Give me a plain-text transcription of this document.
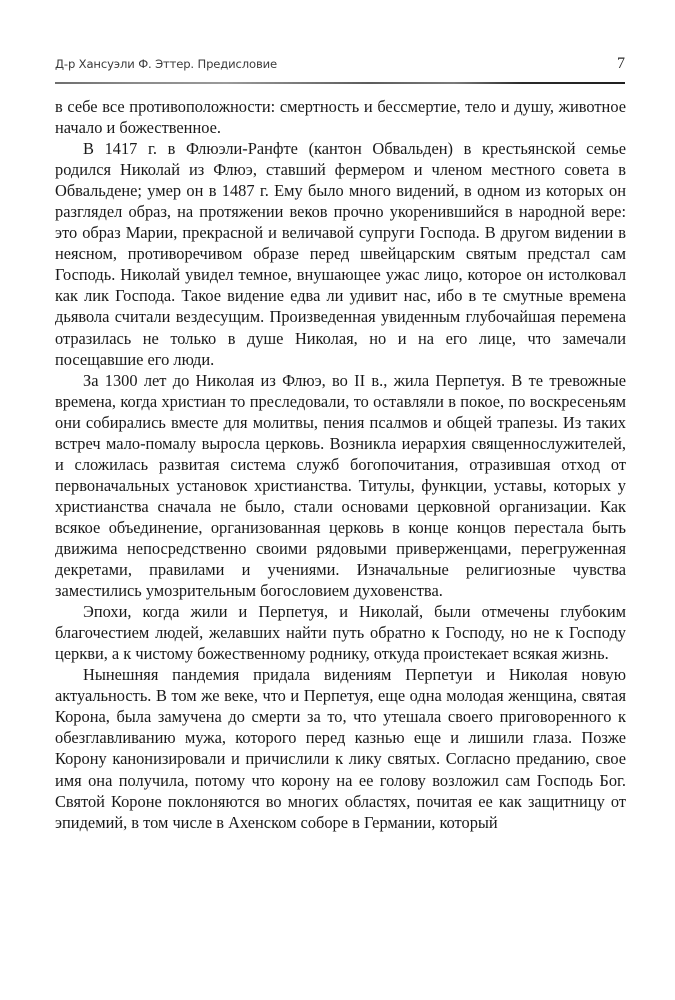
Д-р Хансуэли Ф. Эттер. Предисловие	7

в себе все противоположности: смертность и бессмертие, тело и душу, животное начало и божественное.

В 1417 г. в Флюэли-Ранфте (кантон Обвальден) в крестьянской семье родился Николай из Флюэ, ставший фермером и членом местного совета в Обвальдене; умер он в 1487 г. Ему было много видений, в одном из которых он разглядел образ, на протяжении веков прочно укоренившийся в народной вере: это образ Марии, прекрасной и величавой супруги Господа. В другом видении в неясном, противоречивом образе перед швейцарским святым предстал сам Господь. Николай увидел темное, внушающее ужас лицо, которое он истолковал как лик Господа. Такое видение едва ли удивит нас, ибо в те смутные времена дьявола считали вездесущим. Произведенная увиденным глубочайшая перемена отразилась не только в душе Николая, но и на его лице, что замечали посещавшие его люди.

За 1300 лет до Николая из Флюэ, во II в., жила Перпетуя. В те тревожные времена, когда христиан то преследовали, то оставляли в покое, по воскресеньям они собирались вместе для молитвы, пения псалмов и общей трапезы. Из таких встреч мало-помалу выросла церковь. Возникла иерархия священнослужителей, и сложилась развитая система служб богопочитания, отразившая отход от первоначальных установок христианства. Титулы, функции, уставы, которых у христианства сначала не было, стали основами церковной организации. Как всякое объединение, организованная церковь в конце концов перестала быть движима непосредственно своими рядовыми приверженцами, перегруженная декретами, правилами и учениями. Изначальные религиозные чувства заместились умозрительным богословием духовенства.

Эпохи, когда жили и Перпетуя, и Николай, были отмечены глубоким благочестием людей, желавших найти путь обратно к Господу, но не к Господу церкви, а к чистому божественному роднику, откуда проистекает всякая жизнь.

Нынешняя пандемия придала видениям Перпетуи и Николая новую актуальность. В том же веке, что и Перпетуя, еще одна молодая женщина, святая Корона, была замучена до смерти за то, что утешала своего приговоренного к обезглавливанию мужа, которого перед казнью еще и лишили глаза. Позже Корону канонизировали и причислили к лику святых. Согласно преданию, свое имя она получила, потому что корону на ее голову возложил сам Господь Бог. Святой Короне поклоняются во многих областях, почитая ее как защитницу от эпидемий, в том числе в Ахенском соборе в Германии, который
